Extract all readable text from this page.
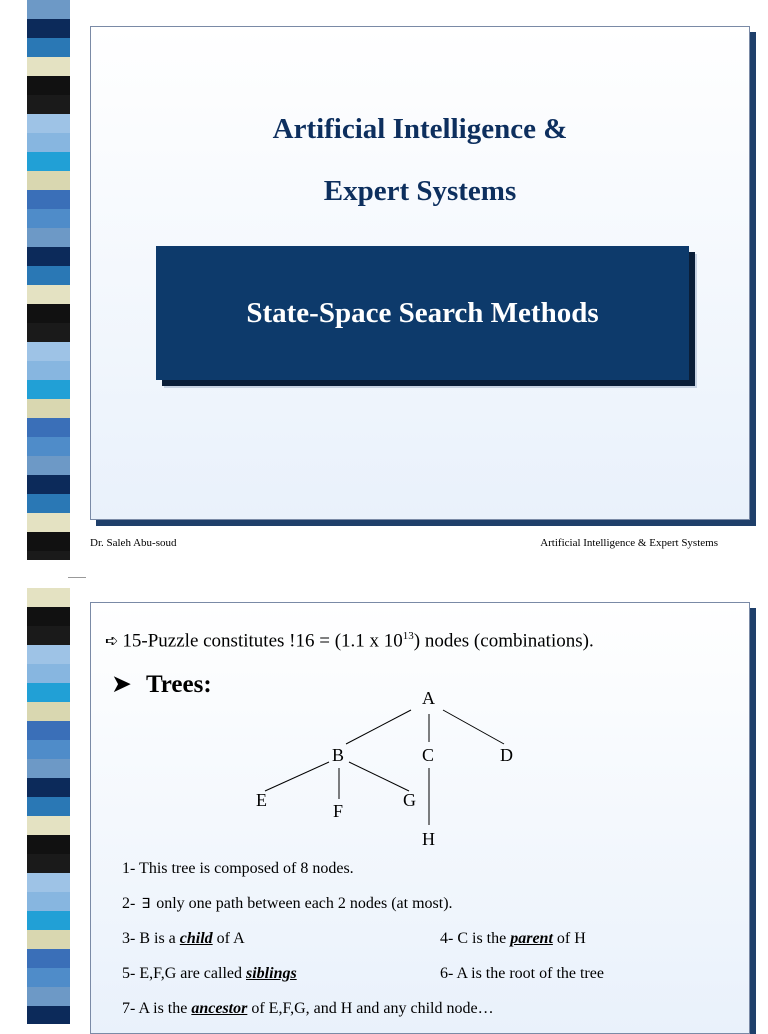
Artificial Intelligence &
Expert Systems
State-Space Search Methods
Dr. Saleh Abu-soud	Artificial Intelligence & Expert Systems
➪ 15-Puzzle constitutes !16 = (1.1 x $10^{13}$) nodes (combinations).
➤ Trees:	A
B	C	D
E
F
G
H
1- This tree is composed of 8 nodes.
2- ∃ only one path between each 2 nodes (at most).
3- B is a child of A	4- C is the parent of H
5- E,F,G are called siblings	6- A is the root of the tree
7- A is the ancestor of E,F,G, and H and any child node…
